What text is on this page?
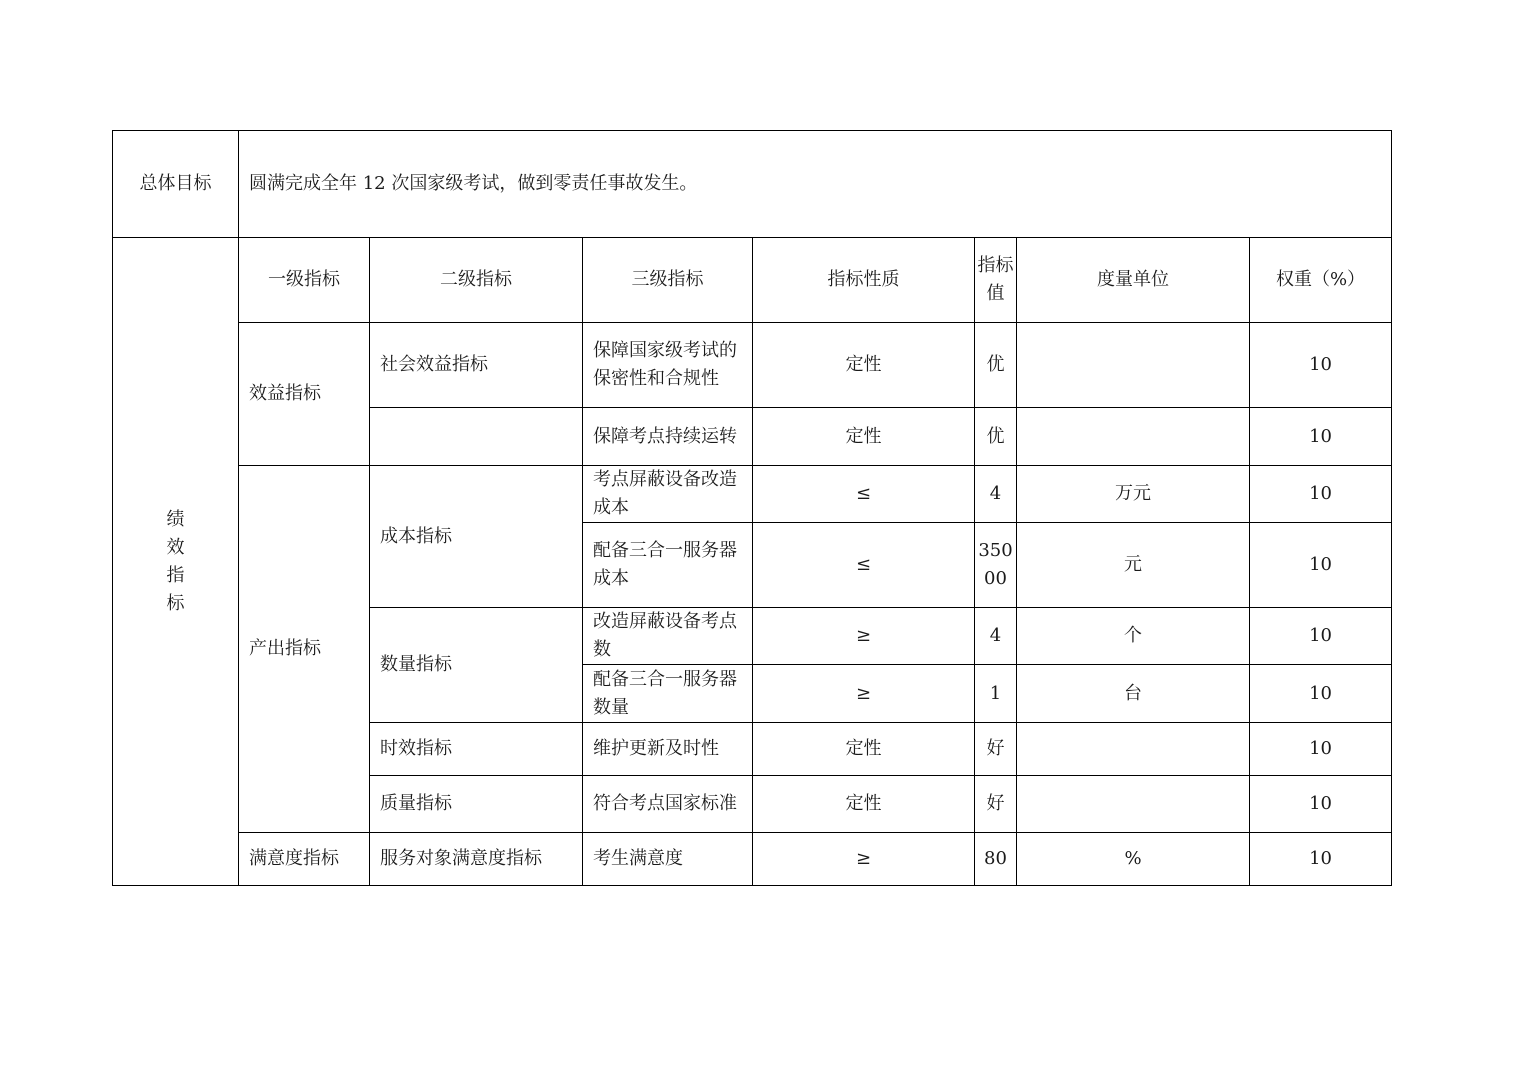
总体目标	圆满完成全年 12 次国家级考试，做到零责任事故发生。						

绩效指标	一级指标	二级指标	三级指标	指标性质	指标值	度量单位	权重（%）
	效益指标	社会效益指标	保障国家级考试的保密性和合规性	定性	优		10
			保障考点持续运转	定性	优		10
	产出指标	成本指标	考点屏蔽设备改造成本	≤	4	万元	10
			配备三合一服务器成本	≤	35000	元	10
		数量指标	改造屏蔽设备考点数	≥	4	个	10
			配备三合一服务器数量	≥	1	台	10
		时效指标	维护更新及时性	定性	好		10
		质量指标	符合考点国家标准	定性	好		10
	满意度指标	服务对象满意度指标	考生满意度	≥	80	%	10
